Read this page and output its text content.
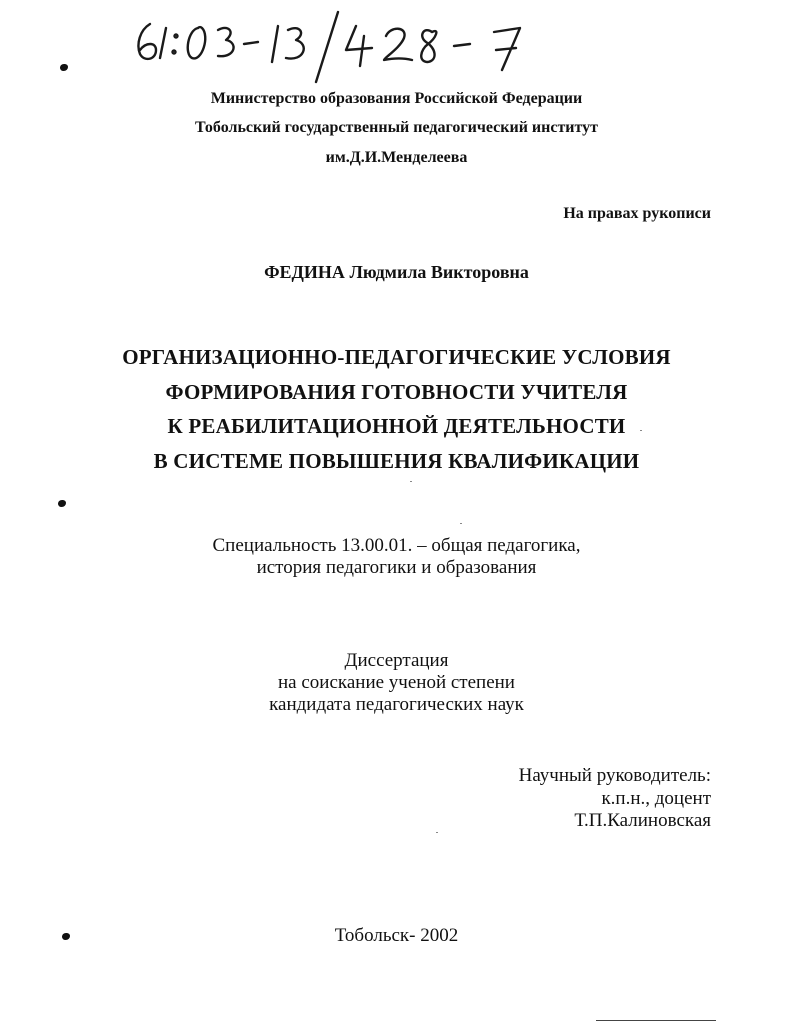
Министерство образования Российской Федерации
Тобольский государственный педагогический институт
им.Д.И.Менделеева
На правах рукописи
ФЕДИНА Людмила Викторовна
ОРГАНИЗАЦИОННО-ПЕДАГОГИЧЕСКИЕ УСЛОВИЯ
ФОРМИРОВАНИЯ ГОТОВНОСТИ УЧИТЕЛЯ
К РЕАБИЛИТАЦИОННОЙ ДЕЯТЕЛЬНОСТИ
В СИСТЕМЕ ПОВЫШЕНИЯ КВАЛИФИКАЦИИ
Специальность 13.00.01. – общая педагогика,
история педагогики и образования
Диссертация
на соискание ученой степени
кандидата педагогических наук
Научный руководитель:
к.п.н., доцент
Т.П.Калиновская
Тобольск- 2002
